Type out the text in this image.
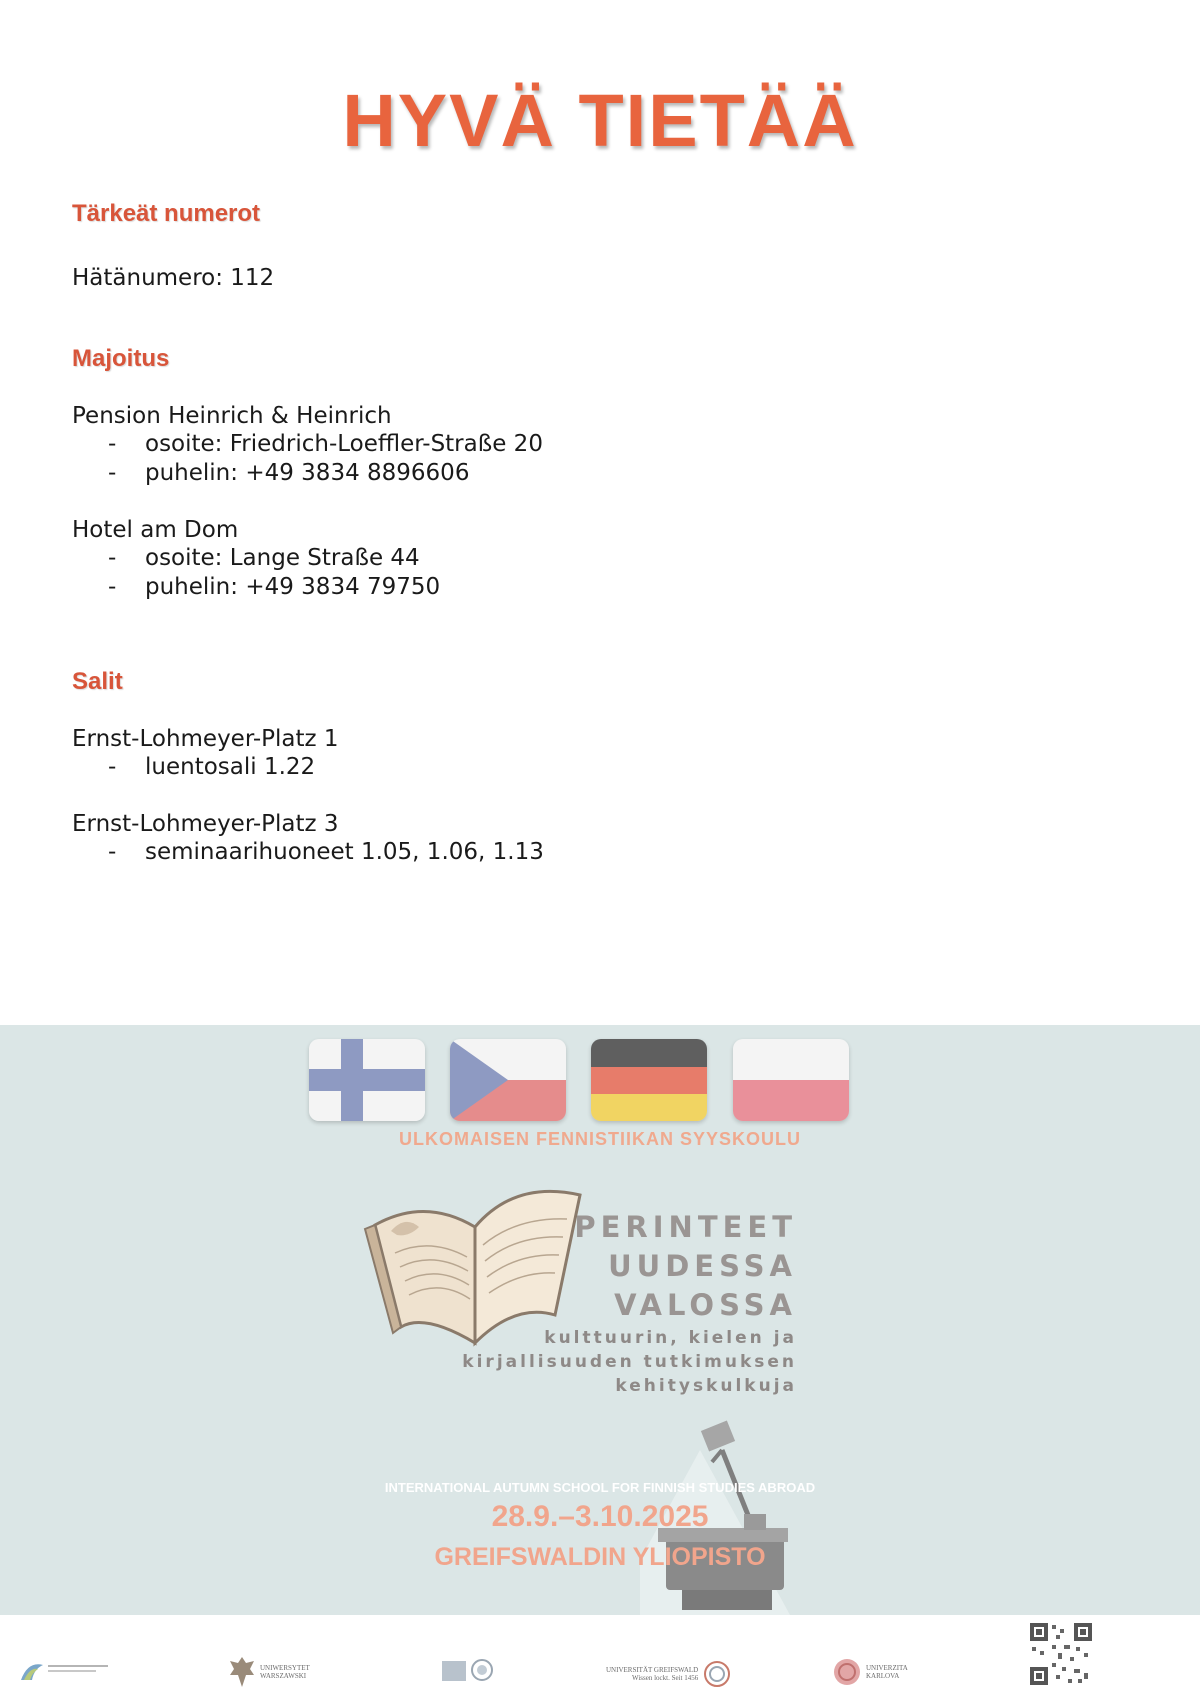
HYVÄ TIETÄÄ
Tärkeät numerot

Hätänumero: 112

Majoitus

Pension Heinrich & Heinrich

- osoite: Friedrich-Loeffler-Straße 20

- puhelin: +49 3834 8896606

Hotel am Dom

- osoite: Lange Straße 44

- puhelin: +49 3834 79750

Salit

Ernst-Lohmeyer-Platz 1

- luentosali 1.22

Ernst-Lohmeyer-Platz 3

- seminaarihuoneet 1.05, 1.06, 1.13

ULKOMAISEN FENNISTIIKAN SYYSKOULU

PERINTEET

UUDESSA

VALOSSA

kulttuurin, kielen ja

kirjallisuuden tutkimuksen

kehityskulkuja

INTERNATIONAL AUTUMN SCHOOL FOR FINNISH STUDIES ABROAD

28.9.–3.10.2025

GREIFSWALDIN YLIOPISTO

UNIWERSYTET
WARSZAWSKI
UNIVERSITÄT GREIFSWALD
Wissen lockt. Seit 1456
UNIVERZITA
KARLOVA
